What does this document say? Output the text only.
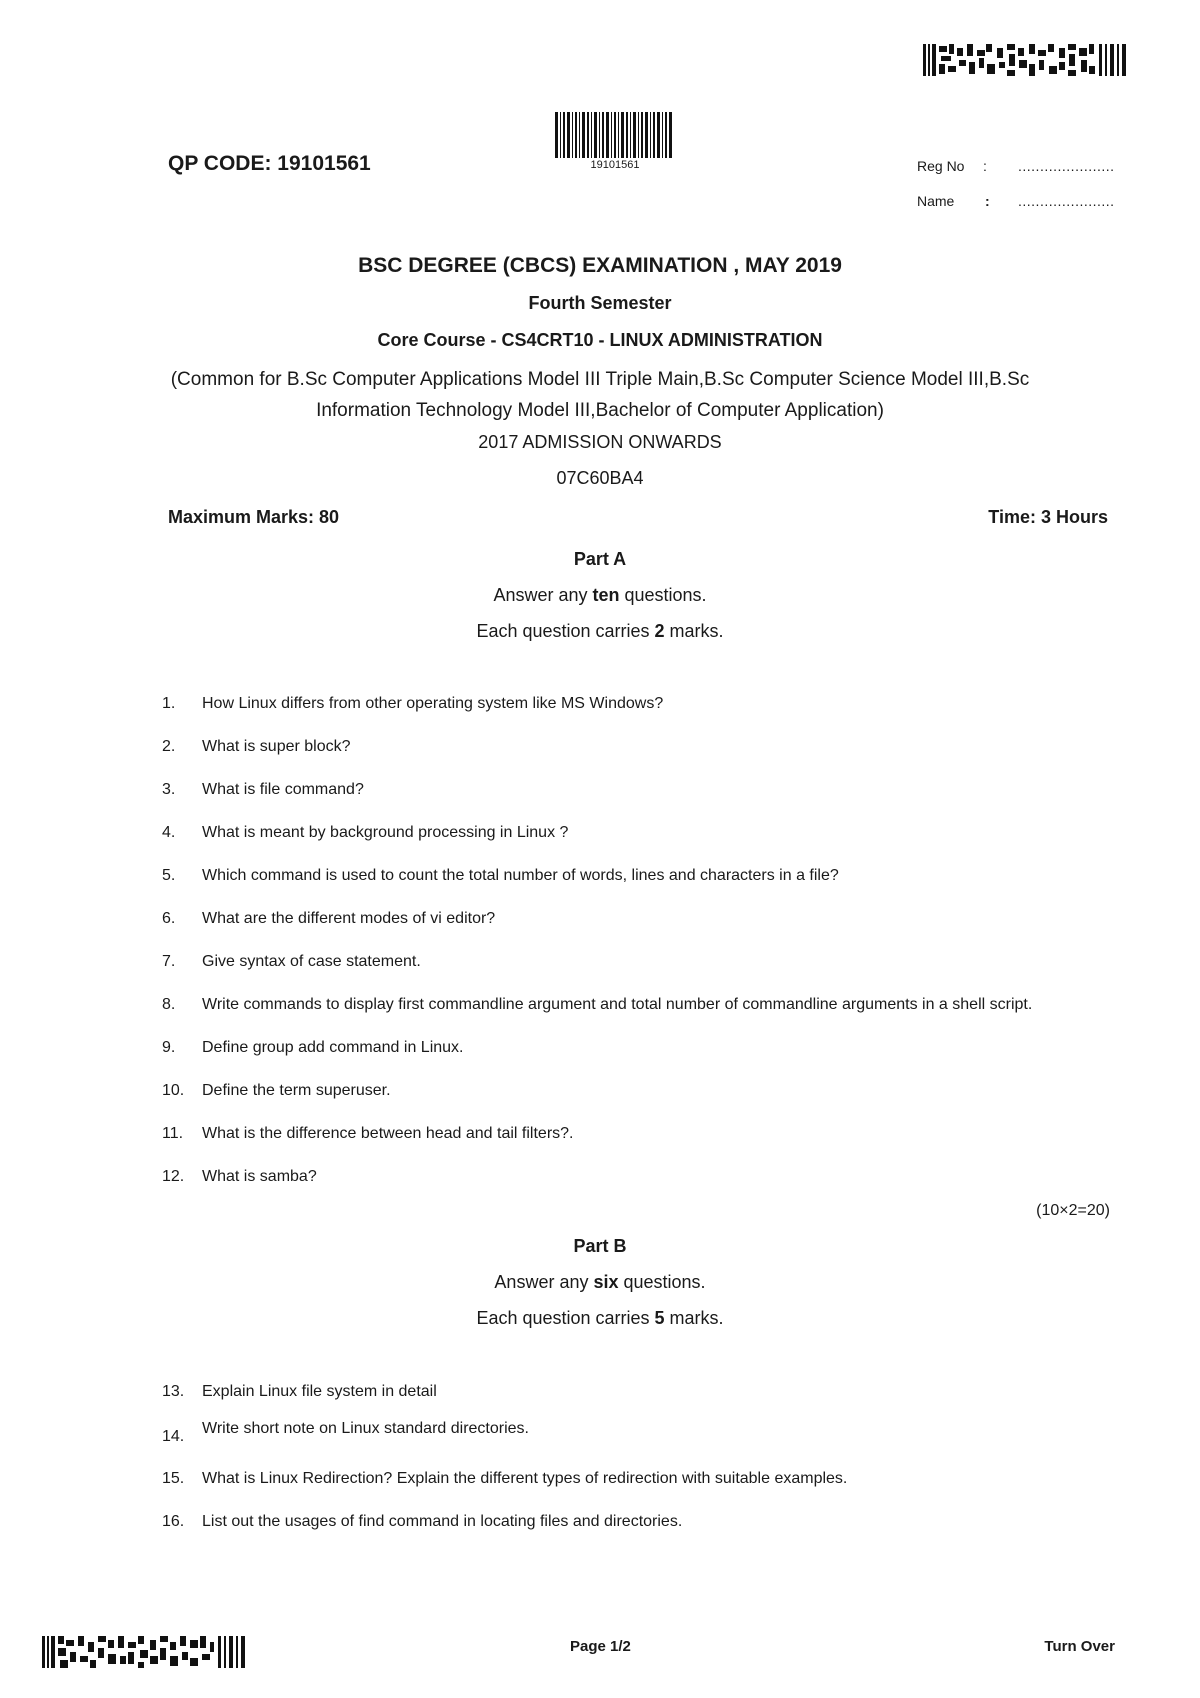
QP CODE: 19101561	19101561	Reg No : ......................
Name : ......................
BSC DEGREE (CBCS) EXAMINATION , MAY 2019
Fourth Semester
Core Course - CS4CRT10 - LINUX ADMINISTRATION
(Common for B.Sc Computer Applications Model III Triple Main,B.Sc Computer Science Model III,B.Sc
Information Technology Model III,Bachelor of Computer Application)
2017 ADMISSION ONWARDS
07C60BA4
Maximum Marks: 80	Time: 3 Hours
Part A
Answer any ten questions.
Each question carries 2 marks.
1.	How Linux differs from other operating system like MS Windows?
2.	What is super block?
3.	What is file command?
4.	What is meant by background processing in Linux ?
5.	Which command is used to count the total number of words, lines and characters in a file?
6.	What are the different modes of vi editor?
7.	Give syntax of case statement.
8.	Write commands to display first commandline argument and total number of commandline arguments in a shell script.
9.	Define group add command in Linux.
10.	Define the term superuser.
11.	What is the difference between head and tail filters?.
12.	What is samba?
(10×2=20)
Part B
Answer any six questions.
Each question carries 5 marks.
13.	Explain Linux file system in detail
14.	Write short note on Linux standard directories.
15.	What is Linux Redirection? Explain the different types of redirection with suitable examples.
16.	List out the usages of find command in locating files and directories.
Page 1/2	Turn Over
